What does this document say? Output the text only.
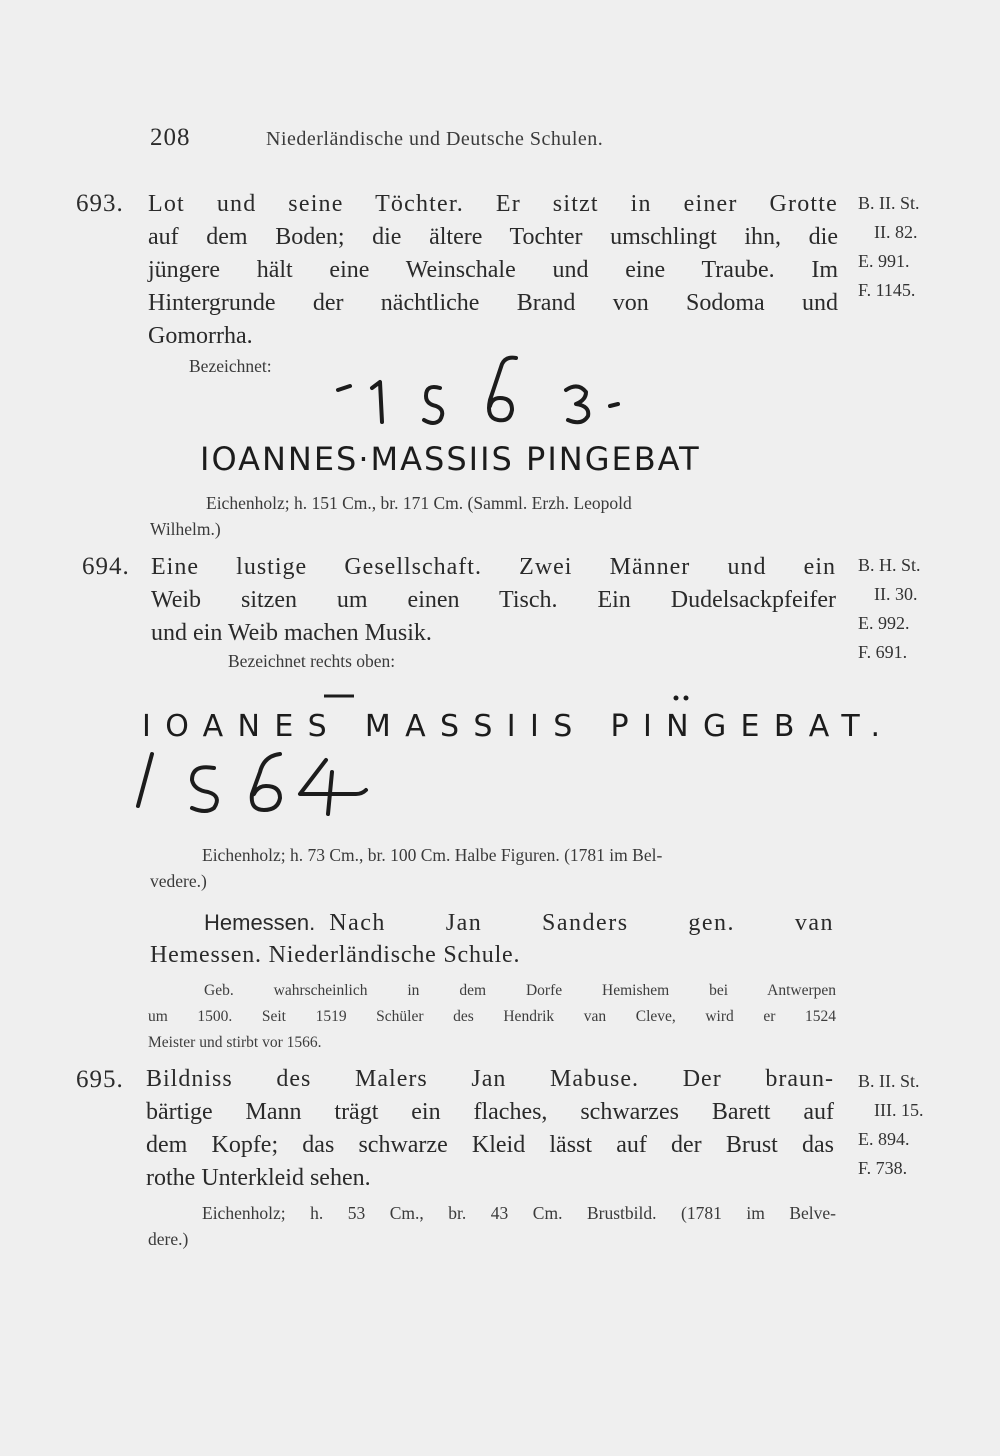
208	Niederländische und Deutsche Schulen.
693. Lot und seine Töchter. Er sitzt in einer Grotte
auf dem Boden; die ältere Tochter umschlingt ihn, die
jüngere hält eine Weinschale und eine Traube. Im
Hintergrunde der nächtliche Brand von Sodoma und
Gomorrha.
B. II. St.
II. 82.
E. 991.
F. 1145.
Bezeichnet:
IOANNES·MASSIIS PINGEBAT
Eichenholz; h. 151 Cm., br. 171 Cm. (Samml. Erzh. Leopold
Wilhelm.)
694. Eine lustige Gesellschaft. Zwei Männer und ein
Weib sitzen um einen Tisch. Ein Dudelsackpfeifer
und ein Weib machen Musik.
B. H. St.
II. 30.
E. 992.
F. 691.
Bezeichnet rechts oben:
IOANES MASSIIS PINGEBAT.
Eichenholz; h. 73 Cm., br. 100 Cm. Halbe Figuren. (1781 im Bel-
vedere.)
Hemessen. Nach Jan Sanders gen. van
Hemessen. Niederländische Schule.
Geb. wahrscheinlich in dem Dorfe Hemishem bei Antwerpen
um 1500. Seit 1519 Schüler des Hendrik van Cleve, wird er 1524
Meister und stirbt vor 1566.
695. Bildniss des Malers Jan Mabuse. Der braun-
bärtige Mann trägt ein flaches, schwarzes Barett auf
dem Kopfe; das schwarze Kleid lässt auf der Brust das
rothe Unterkleid sehen.
B. II. St.
III. 15.
E. 894.
F. 738.
Eichenholz; h. 53 Cm., br. 43 Cm. Brustbild. (1781 im Belve-
dere.)
